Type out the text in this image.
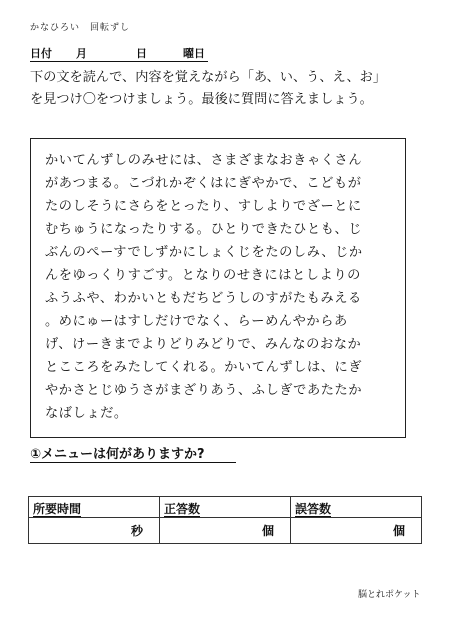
かなひろい　回転ずし
日付 月	日	曜日
下の文を読んで、内容を覚えながら「あ、い、う、え、お」
を見つけ〇をつけましょう。最後に質問に答えましょう。
かいてんずしのみせには、さまざまなおきゃくさん
があつまる。こづれかぞくはにぎやかで、こどもが
たのしそうにさらをとったり、すしよりでざーとに
むちゅうになったりする。ひとりできたひとも、じ
ぶんのぺーすでしずかにしょくじをたのしみ、じか
んをゆっくりすごす。となりのせきにはとしよりの
ふうふや、わかいともだちどうしのすがたもみえる
。めにゅーはすしだけでなく、らーめんやからあ
げ、けーきまでよりどりみどりで、みんなのおなか
とこころをみたしてくれる。かいてんずしは、にぎ
やかさとじゆうさがまざりあう、ふしぎであたたか
なばしょだ。
①メニューは何がありますか?
所要時間	正答数	誤答数
秒	個	個
脳とれポケット
